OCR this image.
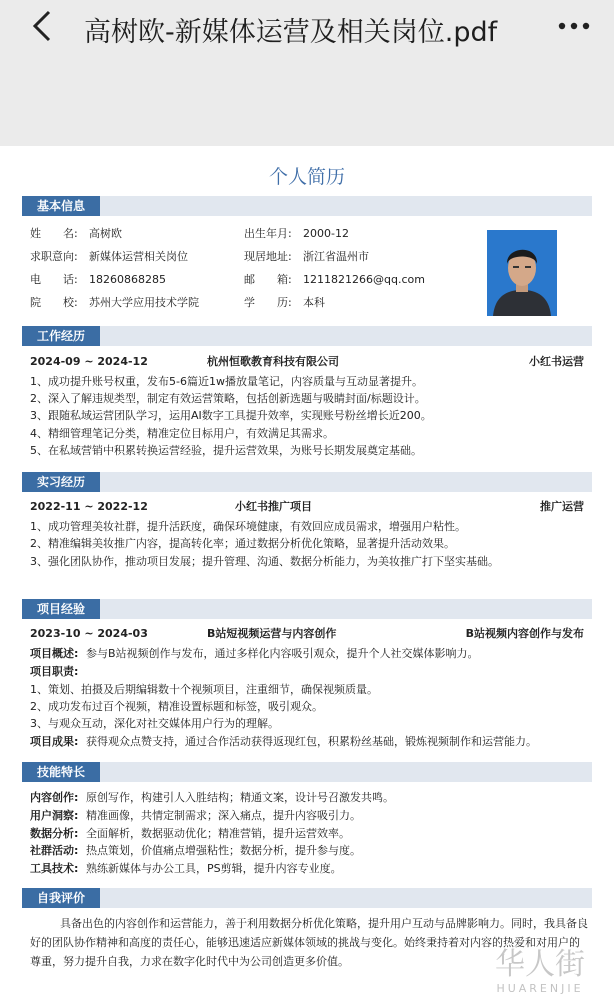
高树欧-新媒体运营及相关岗位.pdf
个人简历
基本信息
姓　　名: 高树欧	出生年月: 2000-12
求职意向: 新媒体运营相关岗位	现居地址: 浙江省温州市
电　　话: 18260868285	邮　　箱: 1211821266@qq.com
院　　校: 苏州大学应用技术学院	学　　历: 本科
工作经历
2024-09 ~ 2024-12	杭州恒歌教育科技有限公司	小红书运营
1、成功提升账号权重，发布5-6篇近1w播放量笔记，内容质量与互动显著提升。
2、深入了解违规类型，制定有效运营策略，包括创新选题与吸睛封面/标题设计。
3、跟随私域运营团队学习，运用AI数字工具提升效率，实现账号粉丝增长近200。
4、精细管理笔记分类，精准定位目标用户，有效满足其需求。
5、在私域营销中积累转换运营经验，提升运营效果，为账号长期发展奠定基础。
实习经历
2022-11 ~ 2022-12	小红书推广项目	推广运营
1、成功管理美妆社群，提升活跃度，确保环境健康，有效回应成员需求，增强用户粘性。
2、精准编辑美妆推广内容，提高转化率；通过数据分析优化策略，显著提升活动效果。
3、强化团队协作，推动项目发展；提升管理、沟通、数据分析能力，为美妆推广打下坚实基础。
项目经验
2023-10 ~ 2024-03	B站短视频运营与内容创作	B站视频内容创作与发布
项目概述: 参与B站视频创作与发布，通过多样化内容吸引观众，提升个人社交媒体影响力。
项目职责:
1、策划、拍摄及后期编辑数十个视频项目，注重细节，确保视频质量。
2、成功发布过百个视频，精准设置标题和标签，吸引观众。
3、与观众互动，深化对社交媒体用户行为的理解。
项目成果: 获得观众点赞支持，通过合作活动获得返现红包，积累粉丝基础，锻炼视频制作和运营能力。
技能特长
内容创作: 原创写作，构建引人入胜结构；精通文案，设计号召激发共鸣。
用户洞察: 精准画像，共情定制需求；深入痛点，提升内容吸引力。
数据分析: 全面解析，数据驱动优化；精准营销，提升运营效率。
社群活动: 热点策划，价值痛点增强粘性；数据分析，提升参与度。
工具技术: 熟练新媒体与办公工具，PS剪辑，提升内容专业度。
自我评价
具备出色的内容创作和运营能力，善于利用数据分析优化策略，提升用户互动与品牌影响力。同时，我具备良好的团队协作精神和高度的责任心，能够迅速适应新媒体领域的挑战与变化。始终秉持着对内容的热爱和对用户的尊重，努力提升自我，力求在数字化时代中为公司创造更多价值。	华人街
HUARENJIE
